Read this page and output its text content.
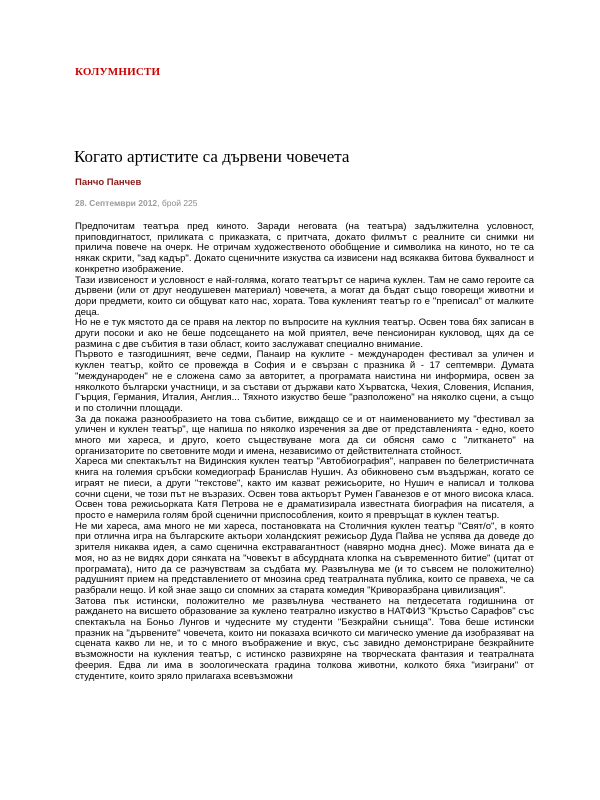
КОЛУМНИСТИ
Когато артистите са дървени човечета
Панчо Панчев
28. Септември 2012, брой 225

Предпочитам театъра пред киното. Заради неговата (на театъра) задължителна условност, приповдигнатост, приликата с приказката, с притчата, докато филмът с реалните си снимки ни прилича повече на очерк. Не отричам художественото обобщение и символика на киното, но те са някак скрити, "зад кадър". Докато сценичните изкуства са извисени над всякаква битова буквалност и конкретно изображение.

Тази извисеност и условност е най-голяма, когато театърът се нарича куклен. Там не само героите са дървени (или от друг неодушевен материал) човечета, а могат да бъдат също говорещи животни и дори предмети, които си общуват като нас, хората. Това кукленият театър го е "преписал" от малките деца.

Но не е тук мястото да се правя на лектор по въпросите на куклния театър. Освен това бях записан в други посоки и ако не беше подсещането на мой приятел, вече пенсиониран кукловод, щях да се размина с две събития в тази област, които заслужават специално внимание.

Първото е тазгодишният, вече седми, Панаир на куклите - международен фестивал за уличен и куклен театър, който се провежда в София и е свързан с празника й - 17 септември. Думата "международен" не е сложена само за авторитет, а програмата наистина ни информира, освен за няколкото български участници, и за състави от държави като Хърватска, Чехия, Словения, Испания, Гърция, Германия, Италия, Англия... Тяхното изкуство беше "разположено" на няколко сцени, а също и по столични площади.

За да покажа разнообразието на това събитие, виждащо се и от наименованието му "фестивал за уличен и куклен театър", ще напиша по няколко изречения за две от представленията - едно, което много ми хареса, и друго, което съществуване мога да си обясня само с "литкането" на организаторите по световните моди и имена, независимо от действителната стойност.

Хареса ми спектакълът на Видинския куклен театър "Автобиография", направен по белетристичната книга на големия сръбски комедиограф Бранислав Нушич. Аз обикновено съм въздържан, когато се играят не пиеси, а други "текстове", както им казват режисьорите, но Нушич е написал и толкова сочни сцени, че този път не възразих. Освен това актьорът Румен Гаванезов е от много висока класа. Освен това режисьорката Катя Петрова не е драматизирала известната биография на писателя, а просто е намерила голям брой сценични приспособления, които я превръщат в куклен театър.

Не ми хареса, ама много не ми хареса, постановката на Столичния куклен театър "Свят/о", в която при отлична игра на българските актьори холандският режисьор Дуда Пайва не успява да доведе до зрителя никаква идея, а само сценична екстравагантност (навярно модна днес). Може вината да е моя, но аз не видях дори сянката на "човекът в абсурдната клопка на съвременното битие" (цитат от програмата), нито да се разчувствам за съдбата му. Развълнува ме (и то съвсем не положително) радушният прием на представлението от мнозина сред театралната публика, които се правеха, че са разбрали нещо. И кой знае защо си спомних за старата комедия "Криворазбрана цивилизация".

Затова пък истински, положително ме развълнува честването на петдесетата годишнина от раждането на висшето образование за куклено театрално изкуство в НАТФИЗ "Кръстьо Сарафов" със спектакъла на Боньо Лунгов и чудесните му студенти "Безкрайни сънища". Това беше истински празник на "дървените" човечета, които ни показаха всичкото си магическо умение да изобразяват на сцената какво ли не, и то с много въображение и вкус, със завидно демонстриране безкрайните възможности на кукления театър, с истинско развихряне на творческата фантазия и театралната феерия. Едва ли има в зоологическата градина толкова животни, колкото бяха "изиграни" от студентите, които зряло прилагаха всевъзможни
